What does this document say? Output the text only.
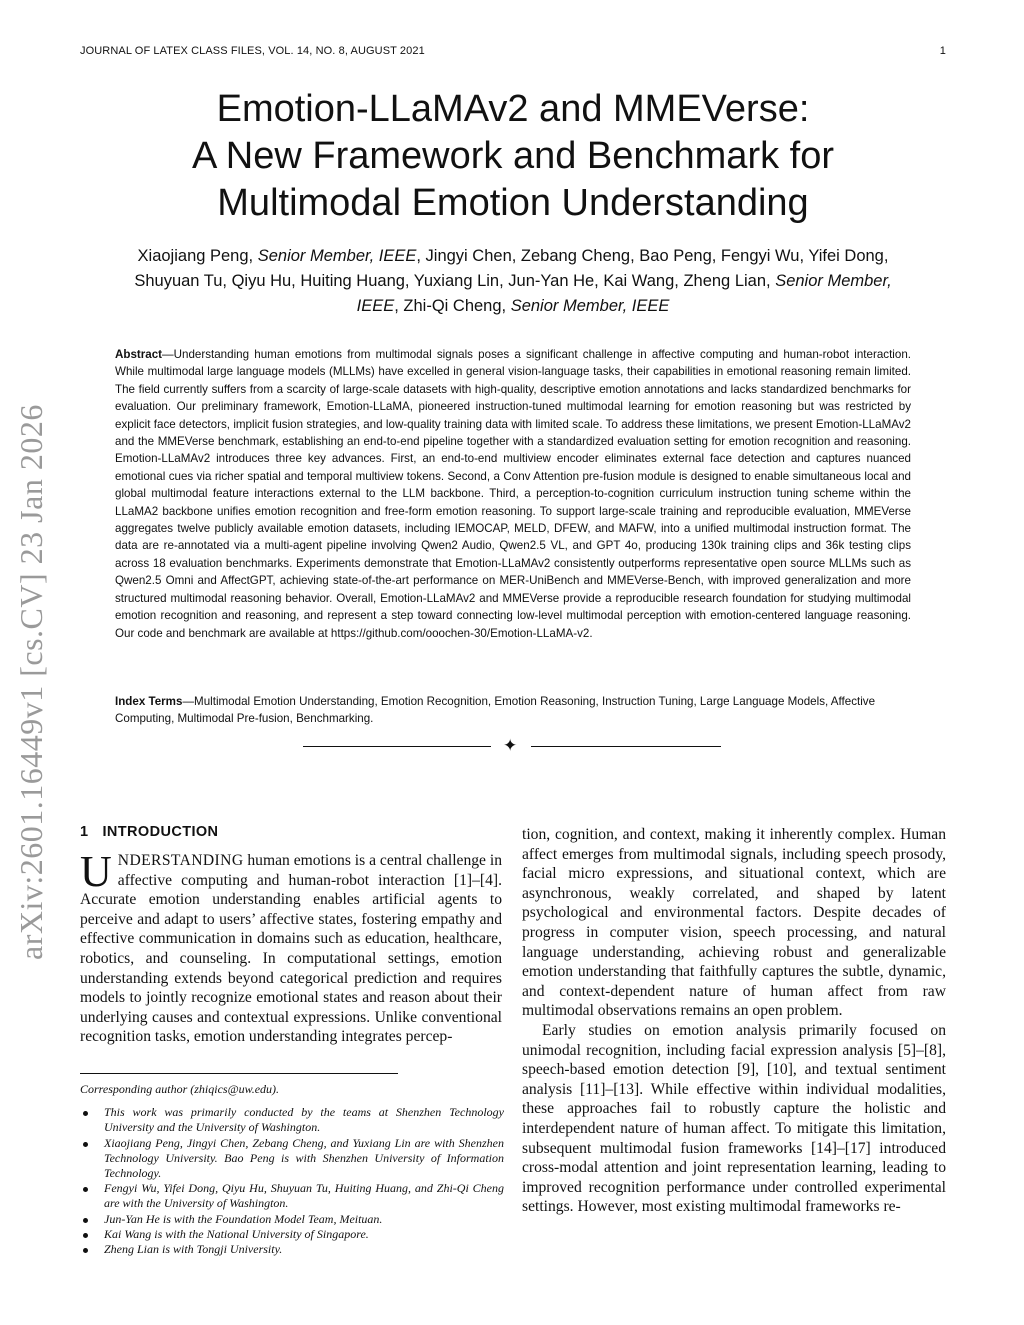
JOURNAL OF LATEX CLASS FILES, VOL. 14, NO. 8, AUGUST 2021	1
arXiv:2601.16449v1 [cs.CV] 23 Jan 2026
Emotion-LLaMAv2 and MMEVerse:
A New Framework and Benchmark for
Multimodal Emotion Understanding
Xiaojiang Peng, Senior Member, IEEE, Jingyi Chen, Zebang Cheng, Bao Peng, Fengyi Wu, Yifei Dong,
Shuyuan Tu, Qiyu Hu, Huiting Huang, Yuxiang Lin, Jun-Yan He, Kai Wang, Zheng Lian, Senior Member,
IEEE, Zhi-Qi Cheng, Senior Member, IEEE
Abstract—Understanding human emotions from multimodal signals poses a significant challenge in affective computing and human-robot interaction. While multimodal large language models (MLLMs) have excelled in general vision-language tasks, their capabilities in emotional reasoning remain limited. The field currently suffers from a scarcity of large-scale datasets with high-quality, descriptive emotion annotations and lacks standardized benchmarks for evaluation. Our preliminary framework, Emotion-LLaMA, pioneered instruction-tuned multimodal learning for emotion reasoning but was restricted by explicit face detectors, implicit fusion strategies, and low-quality training data with limited scale. To address these limitations, we present Emotion-LLaMAv2 and the MMEVerse benchmark, establishing an end-to-end pipeline together with a standardized evaluation setting for emotion recognition and reasoning. Emotion-LLaMAv2 introduces three key advances. First, an end-to-end multiview encoder eliminates external face detection and captures nuanced emotional cues via richer spatial and temporal multiview tokens. Second, a Conv Attention pre-fusion module is designed to enable simultaneous local and global multimodal feature interactions external to the LLM backbone. Third, a perception-to-cognition curriculum instruction tuning scheme within the LLaMA2 backbone unifies emotion recognition and free-form emotion reasoning. To support large-scale training and reproducible evaluation, MMEVerse aggregates twelve publicly available emotion datasets, including IEMOCAP, MELD, DFEW, and MAFW, into a unified multimodal instruction format. The data are re-annotated via a multi-agent pipeline involving Qwen2 Audio, Qwen2.5 VL, and GPT 4o, producing 130k training clips and 36k testing clips across 18 evaluation benchmarks. Experiments demonstrate that Emotion-LLaMAv2 consistently outperforms representative open source MLLMs such as Qwen2.5 Omni and AffectGPT, achieving state-of-the-art performance on MER-UniBench and MMEVerse-Bench, with improved generalization and more structured multimodal reasoning behavior. Overall, Emotion-LLaMAv2 and MMEVerse provide a reproducible research foundation for studying multimodal emotion recognition and reasoning, and represent a step toward connecting low-level multimodal perception with emotion-centered language reasoning. Our code and benchmark are available at https://github.com/ooochen-30/Emotion-LLaMA-v2.
Index Terms—Multimodal Emotion Understanding, Emotion Recognition, Emotion Reasoning, Instruction Tuning, Large Language Models, Affective Computing, Multimodal Pre-fusion, Benchmarking.
✦
1 INTRODUCTION

UNDERSTANDING human emotions is a central challenge in affective computing and human-robot interaction [1]–[4]. Accurate emotion understanding enables artificial agents to perceive and adapt to users’ affective states, fostering empathy and effective communication in domains such as education, healthcare, robotics, and counseling. In computational settings, emotion understanding extends beyond categorical prediction and requires models to jointly recognize emotional states and reason about their underlying causes and contextual expressions. Unlike conventional recognition tasks, emotion understanding integrates percep-

tion, cognition, and context, making it inherently complex. Human affect emerges from multimodal signals, including speech prosody, facial micro expressions, and situational context, which are asynchronous, weakly correlated, and shaped by latent psychological and environmental factors. Despite decades of progress in computer vision, speech processing, and natural language understanding, achieving robust and generalizable emotion understanding that faithfully captures the subtle, dynamic, and context-dependent nature of human affect from raw multimodal observations remains an open problem.

Early studies on emotion analysis primarily focused on unimodal recognition, including facial expression analysis [5]–[8], speech-based emotion detection [9], [10], and textual sentiment analysis [11]–[13]. While effective within individual modalities, these approaches fail to robustly capture the holistic and interdependent nature of human affect. To mitigate this limitation, subsequent multimodal fusion frameworks [14]–[17] introduced cross-modal attention and joint representation learning, leading to improved recognition performance under controlled experimental settings. However, most existing multimodal frameworks re-

Corresponding author (zhiqics@uw.edu).
This work was primarily conducted by the teams at Shenzhen Technology University and the University of Washington.
Xiaojiang Peng, Jingyi Chen, Zebang Cheng, and Yuxiang Lin are with Shenzhen Technology University. Bao Peng is with Shenzhen University of Information Technology.
Fengyi Wu, Yifei Dong, Qiyu Hu, Shuyuan Tu, Huiting Huang, and Zhi-Qi Cheng are with the University of Washington.
Jun-Yan He is with the Foundation Model Team, Meituan.
Kai Wang is with the National University of Singapore.
Zheng Lian is with Tongji University.
